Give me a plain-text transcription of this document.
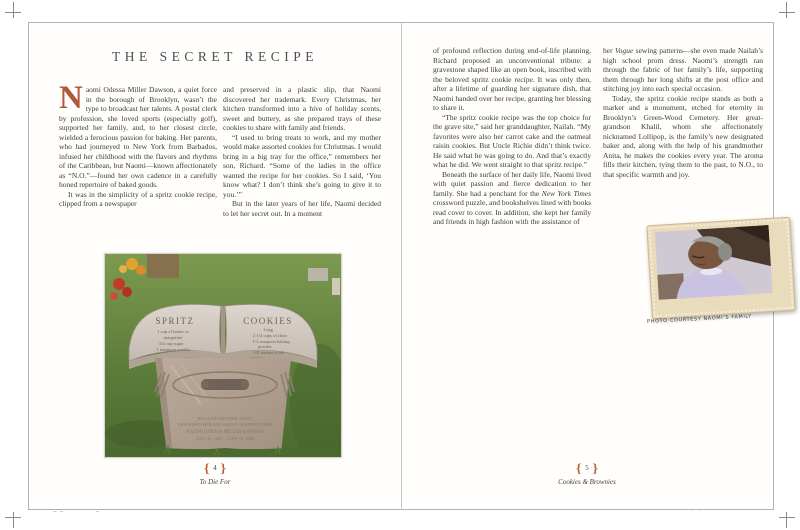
THE SECRET RECIPE

Naomi Odessa Miller Dawson, a quiet force in the borough of Brooklyn, wasn’t the type to broadcast her talents. A postal clerk by profession, she loved sports (especially golf), supported her family, and, to her closest circle, wielded a ferocious passion for baking. Her parents, who had journeyed to New York from Barbados, infused her childhood with the flavors and rhythms of the Caribbean, but Naomi—known affectionately as “N.O.”—found her own cadence in a carefully honed repertoire of baked goods.

It was in the simplicity of a spritz cookie recipe, clipped from a newspaper

and preserved in a plastic slip, that Naomi discovered her trademark. Every Christmas, her kitchen transformed into a hive of holiday scents, sweet and buttery, as she prepared trays of these cookies to share with family and friends.

“I used to bring treats to work, and my mother would make assorted cookies for Christmas. I would bring in a big tray for the office,” remembers her son, Richard. “Some of the ladies in the office wanted the recipe for her cookies. So I said, ‘You know what? I don’t think she’s going to give it to you.’”

But in the later years of her life, Naomi decided to let her secret out. In a moment

SPRITZ	COOKIES
1 cup of butter or
margarine
3/4 cup sugar
1 teaspoon vanilla
1 egg
2 1/4 cups of flour
1/2 teaspoon baking
powder
1/8 teaspoon salt
BELOVED MOTHER, AUNT,
GRANDMOTHER AND GREAT-GRANDMOTHER
NAOMI ODESSA MILLER-DAWSON
JULY 26, 1921 – JUNE 10, 2008
{ 4 }
To Die For

of profound reflection during end-of-life planning, Richard proposed an unconventional tribute: a gravestone shaped like an open book, inscribed with the beloved spritz cookie recipe. It was only then, after a lifetime of guarding her signature dish, that Naomi handed over her recipe, granting her blessing to share it.

“The spritz cookie recipe was the top choice for the grave site,” said her granddaughter, Nailah. “My favorites were also her carrot cake and the oatmeal raisin cookies. But Uncle Richie didn’t think twice. He said what he was going to do. And that’s exactly what he did. We went straight to that spritz recipe.”

Beneath the surface of her daily life, Naomi lived with quiet passion and fierce dedication to her family. She had a penchant for the New York Times crossword puzzle, and bookshelves lined with books read cover to cover. In addition, she kept her family and friends in high fashion with the assistance of

her Vogue sewing patterns—she even made Nailah’s high school prom dress. Naomi’s strength ran through the fabric of her family’s life, supporting them through her long shifts at the post office and stitching joy into each special occasion.

Today, the spritz cookie recipe stands as both a marker and a monument, etched for eternity in Brooklyn’s Green-Wood Cemetery. Her great-grandson Khalil, whom she affectionately nicknamed Lollipop, is the family’s new designated baker and, along with the help of his grandmother Anita, he makes the cookies every year. The aroma fills their kitchen, tying them to the past, to N.O., to that specific warmth and joy.

PHOTO COURTESY NAOMI’S FAMILY
{ 5 }
Cookies & Brownies
